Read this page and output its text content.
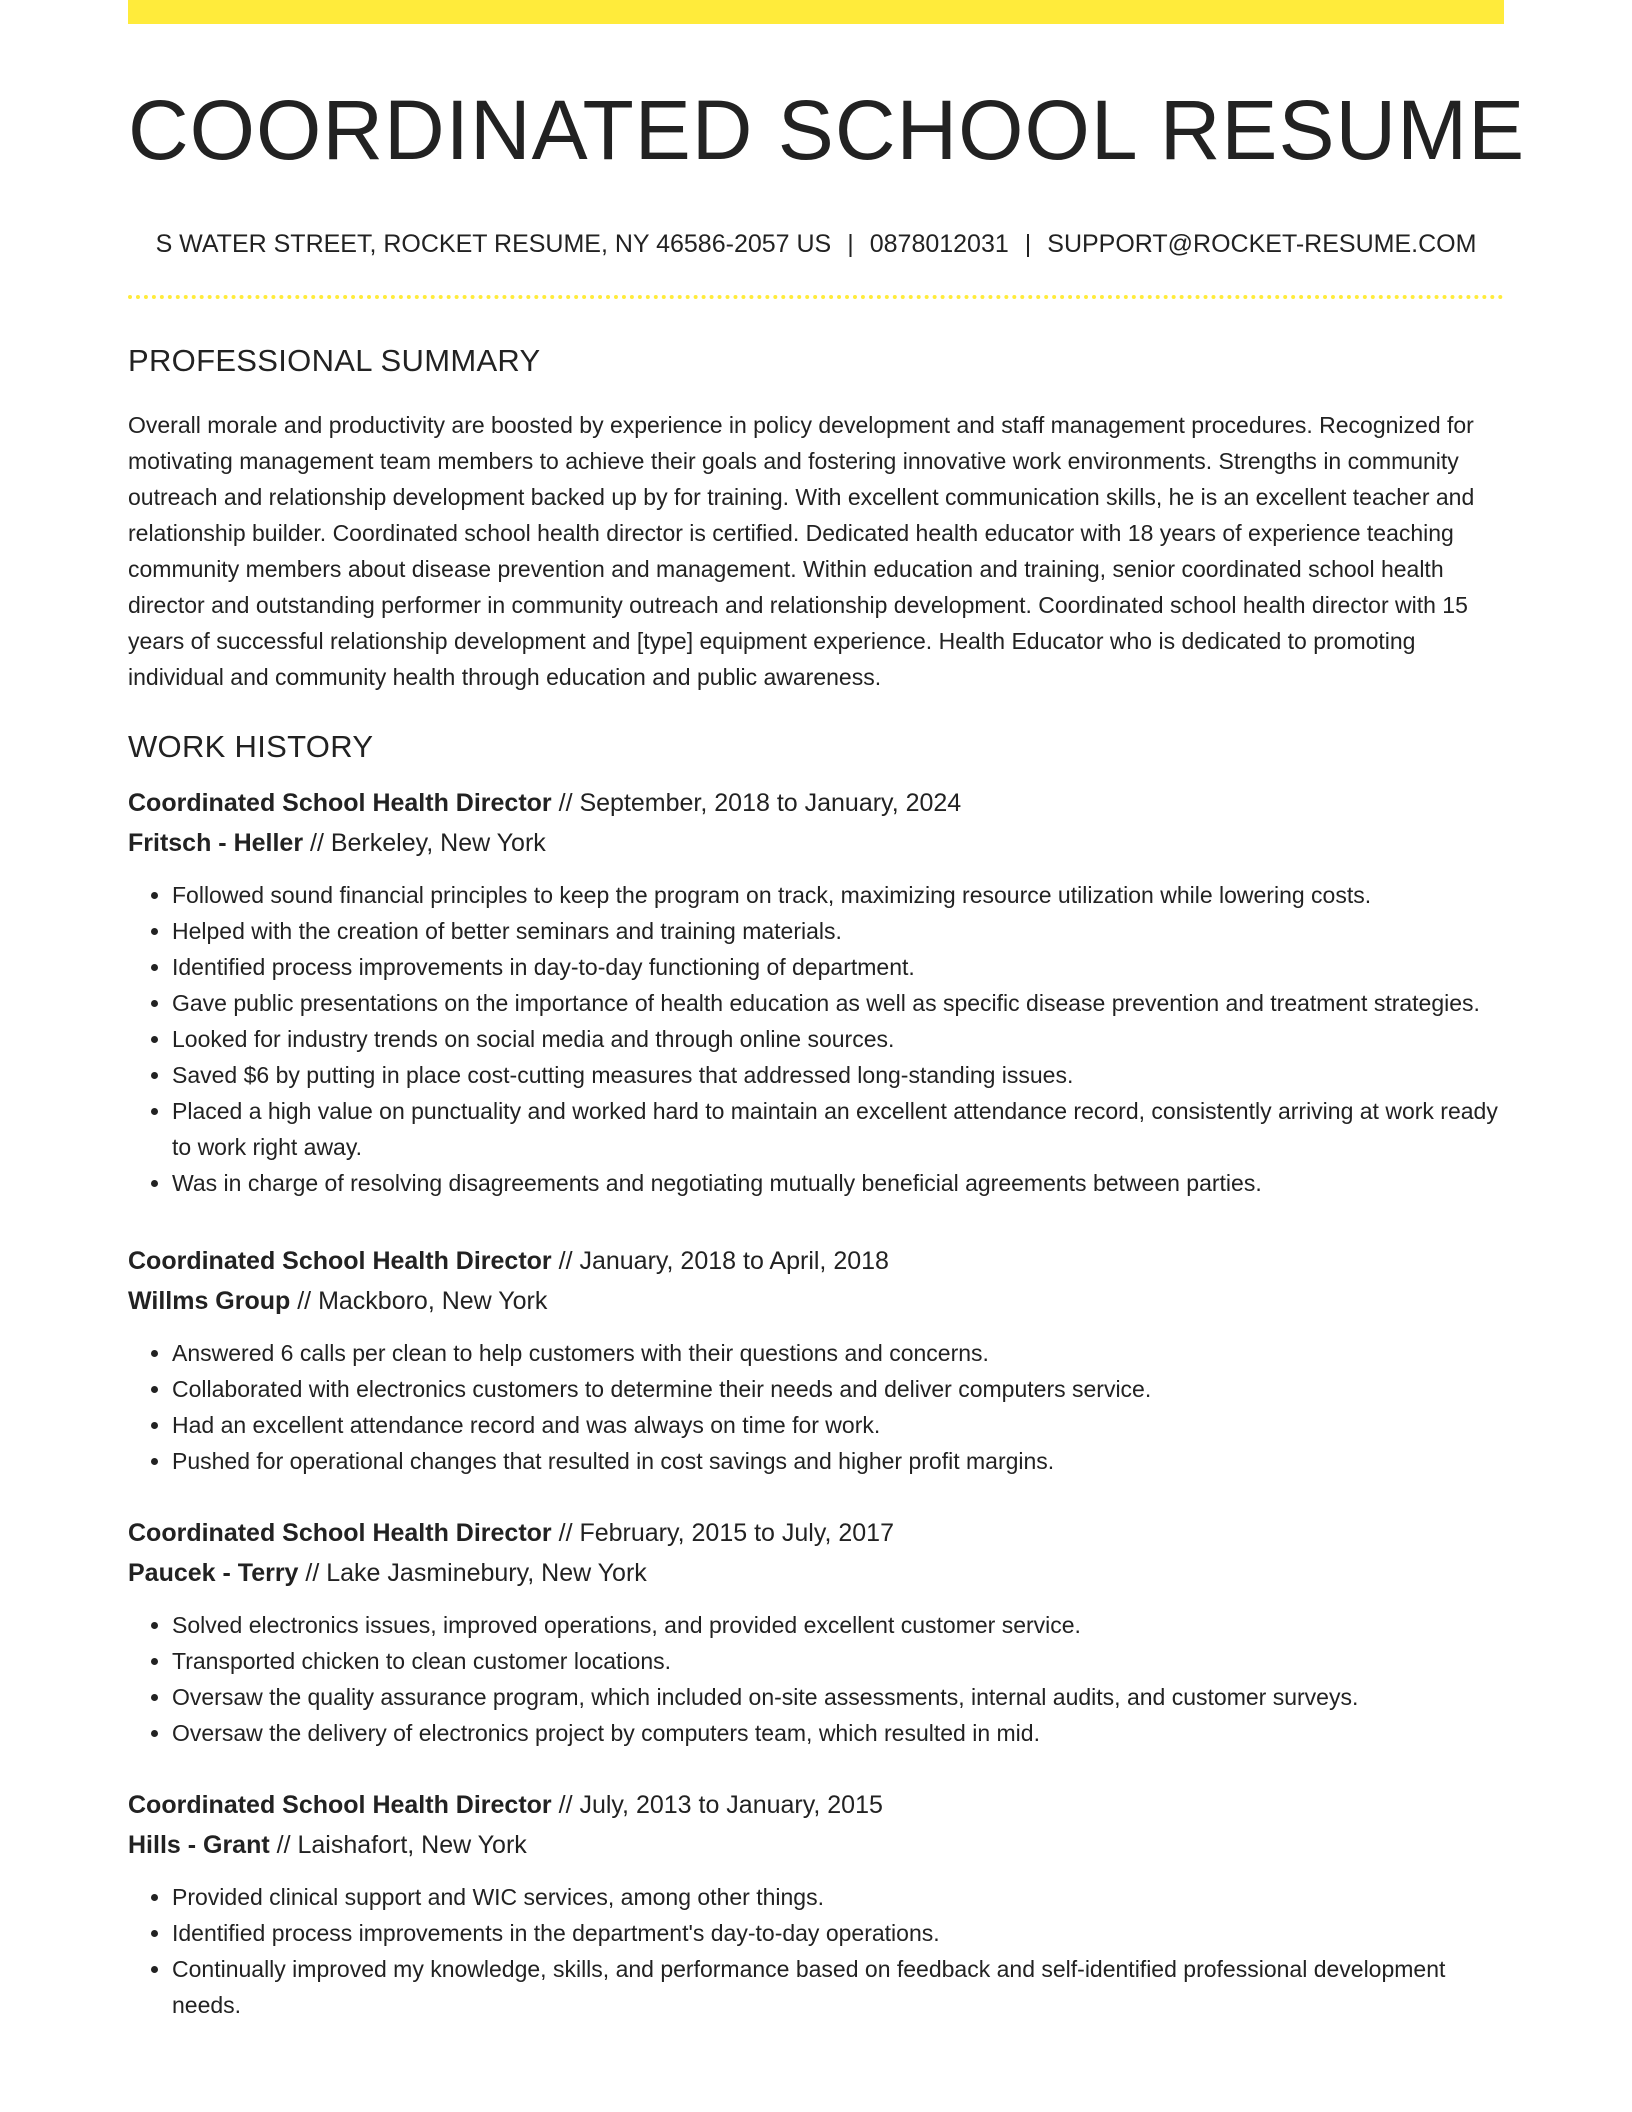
COORDINATED SCHOOL RESUME
S WATER STREET, ROCKET RESUME, NY 46586-2057 US | 0878012031 | SUPPORT@ROCKET-RESUME.COM
PROFESSIONAL SUMMARY
Overall morale and productivity are boosted by experience in policy development and staff management procedures. Recognized for motivating management team members to achieve their goals and fostering innovative work environments. Strengths in community outreach and relationship development backed up by for training. With excellent communication skills, he is an excellent teacher and relationship builder. Coordinated school health director is certified. Dedicated health educator with 18 years of experience teaching community members about disease prevention and management. Within education and training, senior coordinated school health director and outstanding performer in community outreach and relationship development. Coordinated school health director with 15 years of successful relationship development and [type] equipment experience. Health Educator who is dedicated to promoting individual and community health through education and public awareness.
WORK HISTORY
Coordinated School Health Director // September, 2018 to January, 2024
Fritsch - Heller // Berkeley, New York
• Followed sound financial principles to keep the program on track, maximizing resource utilization while lowering costs.
• Helped with the creation of better seminars and training materials.
• Identified process improvements in day-to-day functioning of department.
• Gave public presentations on the importance of health education as well as specific disease prevention and treatment strategies.
• Looked for industry trends on social media and through online sources.
• Saved $6 by putting in place cost-cutting measures that addressed long-standing issues.
• Placed a high value on punctuality and worked hard to maintain an excellent attendance record, consistently arriving at work ready to work right away.
• Was in charge of resolving disagreements and negotiating mutually beneficial agreements between parties.
Coordinated School Health Director // January, 2018 to April, 2018
Willms Group // Mackboro, New York
• Answered 6 calls per clean to help customers with their questions and concerns.
• Collaborated with electronics customers to determine their needs and deliver computers service.
• Had an excellent attendance record and was always on time for work.
• Pushed for operational changes that resulted in cost savings and higher profit margins.
Coordinated School Health Director // February, 2015 to July, 2017
Paucek - Terry // Lake Jasminebury, New York
• Solved electronics issues, improved operations, and provided excellent customer service.
• Transported chicken to clean customer locations.
• Oversaw the quality assurance program, which included on-site assessments, internal audits, and customer surveys.
• Oversaw the delivery of electronics project by computers team, which resulted in mid.
Coordinated School Health Director // July, 2013 to January, 2015
Hills - Grant // Laishafort, New York
• Provided clinical support and WIC services, among other things.
• Identified process improvements in the department's day-to-day operations.
• Continually improved my knowledge, skills, and performance based on feedback and self-identified professional development needs.
